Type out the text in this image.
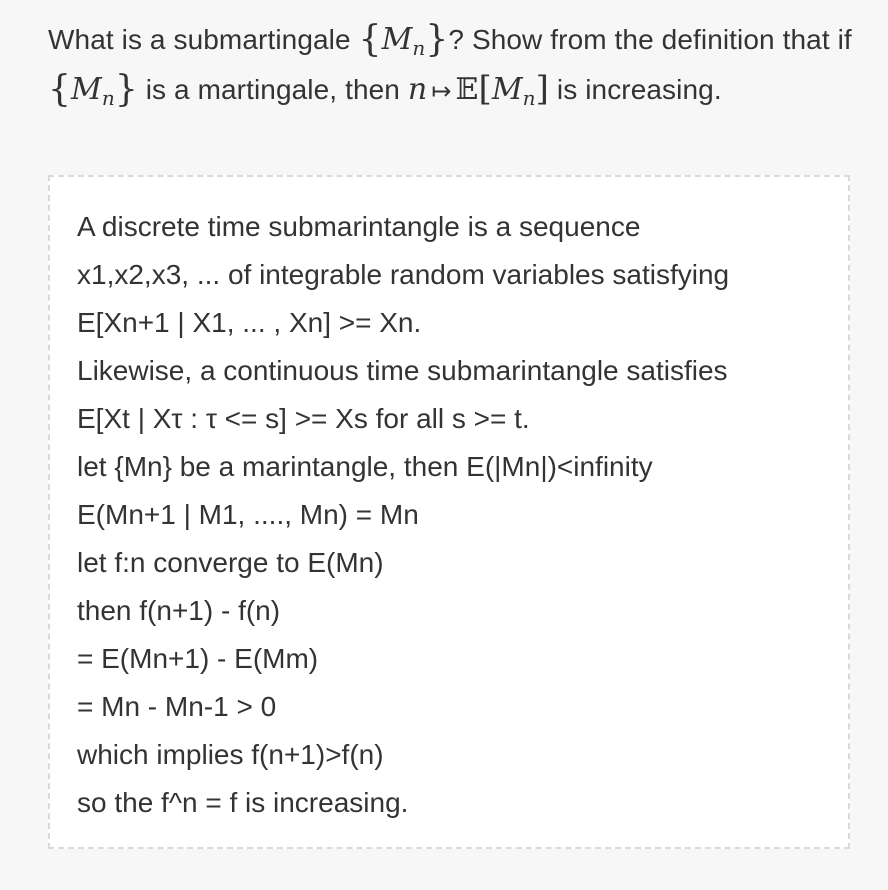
What is a submartingale $\{M_n\}$? Show from the definition that if $\{M_n\}$ is a martingale, then n ↦ $𝔼[M_n]$ is increasing.
A discrete time submarintangle is a sequence
x1,x2,x3, ... of integrable random variables satisfying
E[Xn+1 | X1, ... , Xn] >= Xn.
Likewise, a continuous time submarintangle satisfies
E[Xt | Xτ : τ <= s] >= Xs for all s >= t.
let {Mn} be a marintangle, then E(|Mn|)<infinity
E(Mn+1 | M1, ...., Mn) = Mn
let f:n converge to E(Mn)
then f(n+1) - f(n)
= E(Mn+1) - E(Mm)
= Mn - Mn-1 > 0
which implies f(n+1)>f(n)
so the f^n = f is increasing.
